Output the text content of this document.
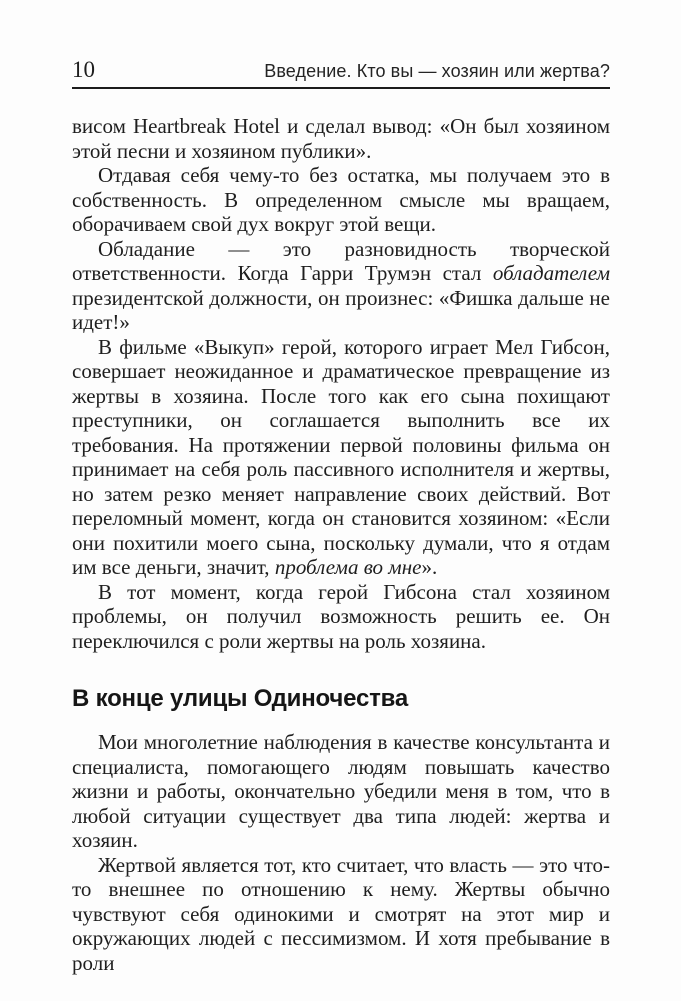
10	Введение. Кто вы — хозяин или жертва?

висом Heartbreak Hotel и сделал вывод: «Он был хозяином этой песни и хозяином публики».

Отдавая себя чему-то без остатка, мы получаем это в собственность. В определенном смысле мы вращаем, оборачиваем свой дух вокруг этой вещи.

Обладание — это разновидность творческой ответственности. Когда Гарри Трумэн стал обладателем президентской должности, он произнес: «Фишка дальше не идет!»

В фильме «Выкуп» герой, которого играет Мел Гибсон, совершает неожиданное и драматическое превращение из жертвы в хозяина. После того как его сына похищают преступники, он соглашается выполнить все их требования. На протяжении первой половины фильма он принимает на себя роль пассивного исполнителя и жертвы, но затем резко меняет направление своих действий. Вот переломный момент, когда он становится хозяином: «Если они похитили моего сына, поскольку думали, что я отдам им все деньги, значит, проблема во мне».

В тот момент, когда герой Гибсона стал хозяином проблемы, он получил возможность решить ее. Он переключился с роли жертвы на роль хозяина.

В конце улицы Одиночества

Мои многолетние наблюдения в качестве консультанта и специалиста, помогающего людям повышать качество жизни и работы, окончательно убедили меня в том, что в любой ситуации существует два типа людей: жертва и хозяин.

Жертвой является тот, кто считает, что власть — это что-то внешнее по отношению к нему. Жертвы обычно чувствуют себя одинокими и смотрят на этот мир и окружающих людей с пессимизмом. И хотя пребывание в роли
